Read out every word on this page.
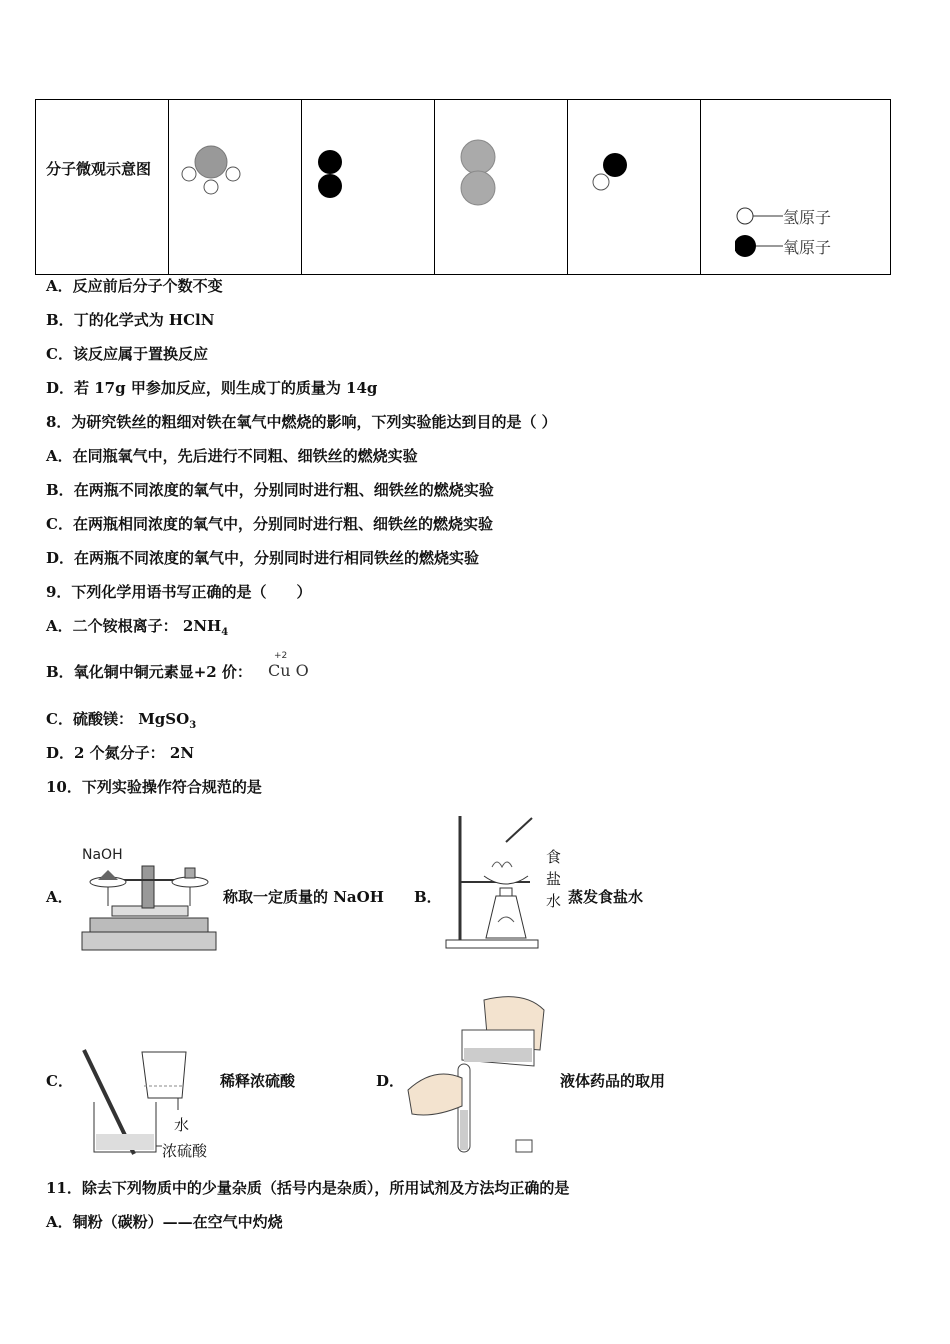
分子微观示意图

氢原子
氧原子
A．反应前后分子个数不变
B．丁的化学式为 HClN
C．该反应属于置换反应
D．若 17g 甲参加反应，则生成丁的质量为 14g
8．为研究铁丝的粗细对铁在氧气中燃烧的影响，下列实验能达到目的是（ ）
A．在同瓶氧气中，先后进行不同粗、细铁丝的燃烧实验
B．在两瓶不同浓度的氧气中，分别同时进行粗、细铁丝的燃烧实验
C．在两瓶相同浓度的氧气中，分别同时进行粗、细铁丝的燃烧实验
D．在两瓶不同浓度的氧气中，分别同时进行相同铁丝的燃烧实验
9．下列化学用语书写正确的是（　　）
A．二个铵根离子： $2NH_4$
B．氧化铜中铜元素显+2 价：
+2
Cu O
C．硫酸镁： MgSO$_3$
D．2 个氮分子： 2N
10．下列实验操作符合规范的是
A．
NaOH
称取一定质量的 NaOH B．
食
盐
水 蒸发食盐水
C．
水
浓硫酸
稀释浓硫酸	D．	液体药品的取用
11．除去下列物质中的少量杂质（括号内是杂质），所用试剂及方法均正确的是
A．铜粉（碳粉）——在空气中灼烧
